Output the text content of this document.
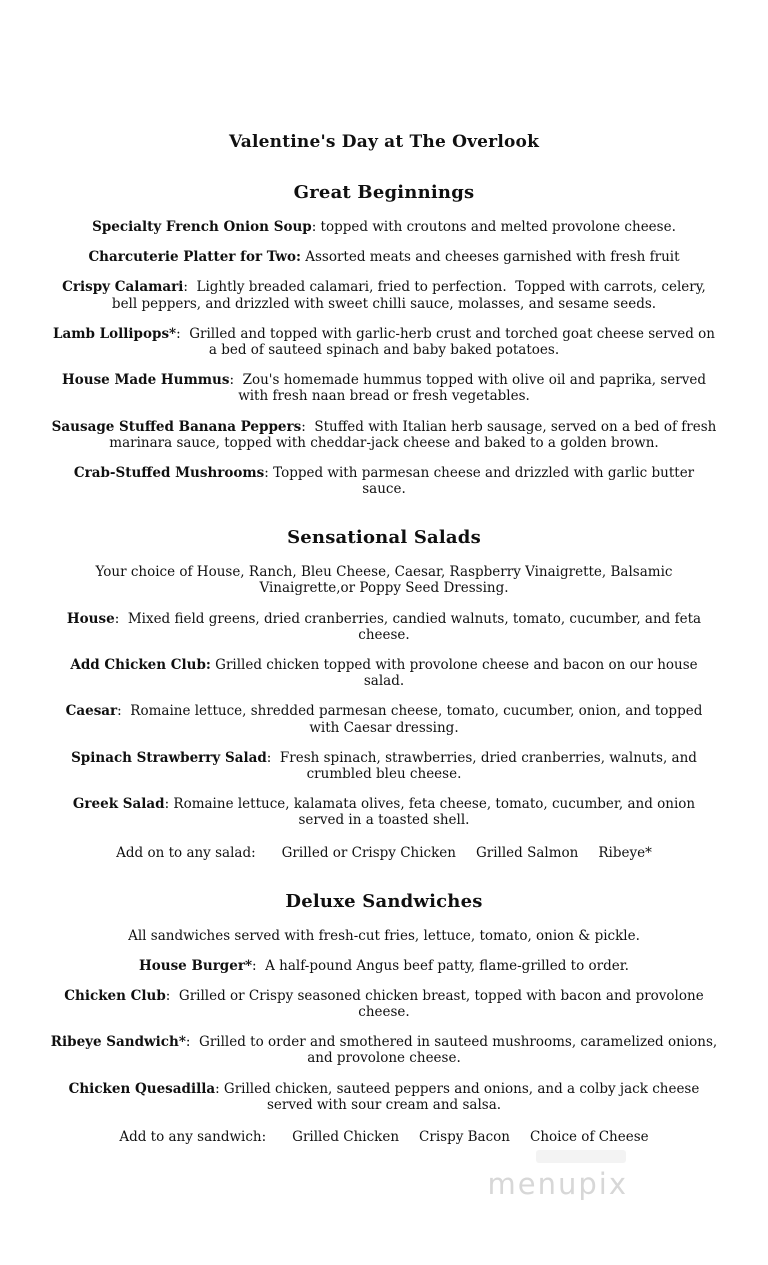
Valentine's Day at The Overlook
Great Beginnings
Specialty French Onion Soup: topped with croutons and melted provolone cheese.
Charcuterie Platter for Two: Assorted meats and cheeses garnished with fresh fruit
Crispy Calamari:  Lightly breaded calamari, fried to perfection.  Topped with carrots, celery, bell peppers, and drizzled with sweet chilli sauce, molasses, and sesame seeds.
Lamb Lollipops*:  Grilled and topped with garlic-herb crust and torched goat cheese served on a bed of sauteed spinach and baby baked potatoes.
House Made Hummus:  Zou's homemade hummus topped with olive oil and paprika, served with fresh naan bread or fresh vegetables.
Sausage Stuffed Banana Peppers:  Stuffed with Italian herb sausage, served on a bed of fresh marinara sauce, topped with cheddar-jack cheese and baked to a golden brown.
Crab-Stuffed Mushrooms: Topped with parmesan cheese and drizzled with garlic butter sauce.
Sensational Salads
Your choice of House, Ranch, Bleu Cheese, Caesar, Raspberry Vinaigrette, Balsamic Vinaigrette,or Poppy Seed Dressing.
House:  Mixed field greens, dried cranberries, candied walnuts, tomato, cucumber, and feta cheese.
Add Chicken Club: Grilled chicken topped with provolone cheese and bacon on our house salad.
Caesar:  Romaine lettuce, shredded parmesan cheese, tomato, cucumber, onion, and topped with Caesar dressing.
Spinach Strawberry Salad:  Fresh spinach, strawberries, dried cranberries, walnuts, and crumbled bleu cheese.
Greek Salad: Romaine lettuce, kalamata olives, feta cheese, tomato, cucumber, and onion served in a toasted shell.
Add on to any salad: Grilled or Crispy Chicken Grilled Salmon Ribeye*
Deluxe Sandwiches
All sandwiches served with fresh-cut fries, lettuce, tomato, onion & pickle.
House Burger*:  A half-pound Angus beef patty, flame-grilled to order.
Chicken Club:  Grilled or Crispy seasoned chicken breast, topped with bacon and provolone cheese.
Ribeye Sandwich*:  Grilled to order and smothered in sauteed mushrooms, caramelized onions, and provolone cheese.
Chicken Quesadilla: Grilled chicken, sauteed peppers and onions, and a colby jack cheese served with sour cream and salsa.
Add to any sandwich: Grilled Chicken Crispy Bacon Choice of Cheese
menupix
